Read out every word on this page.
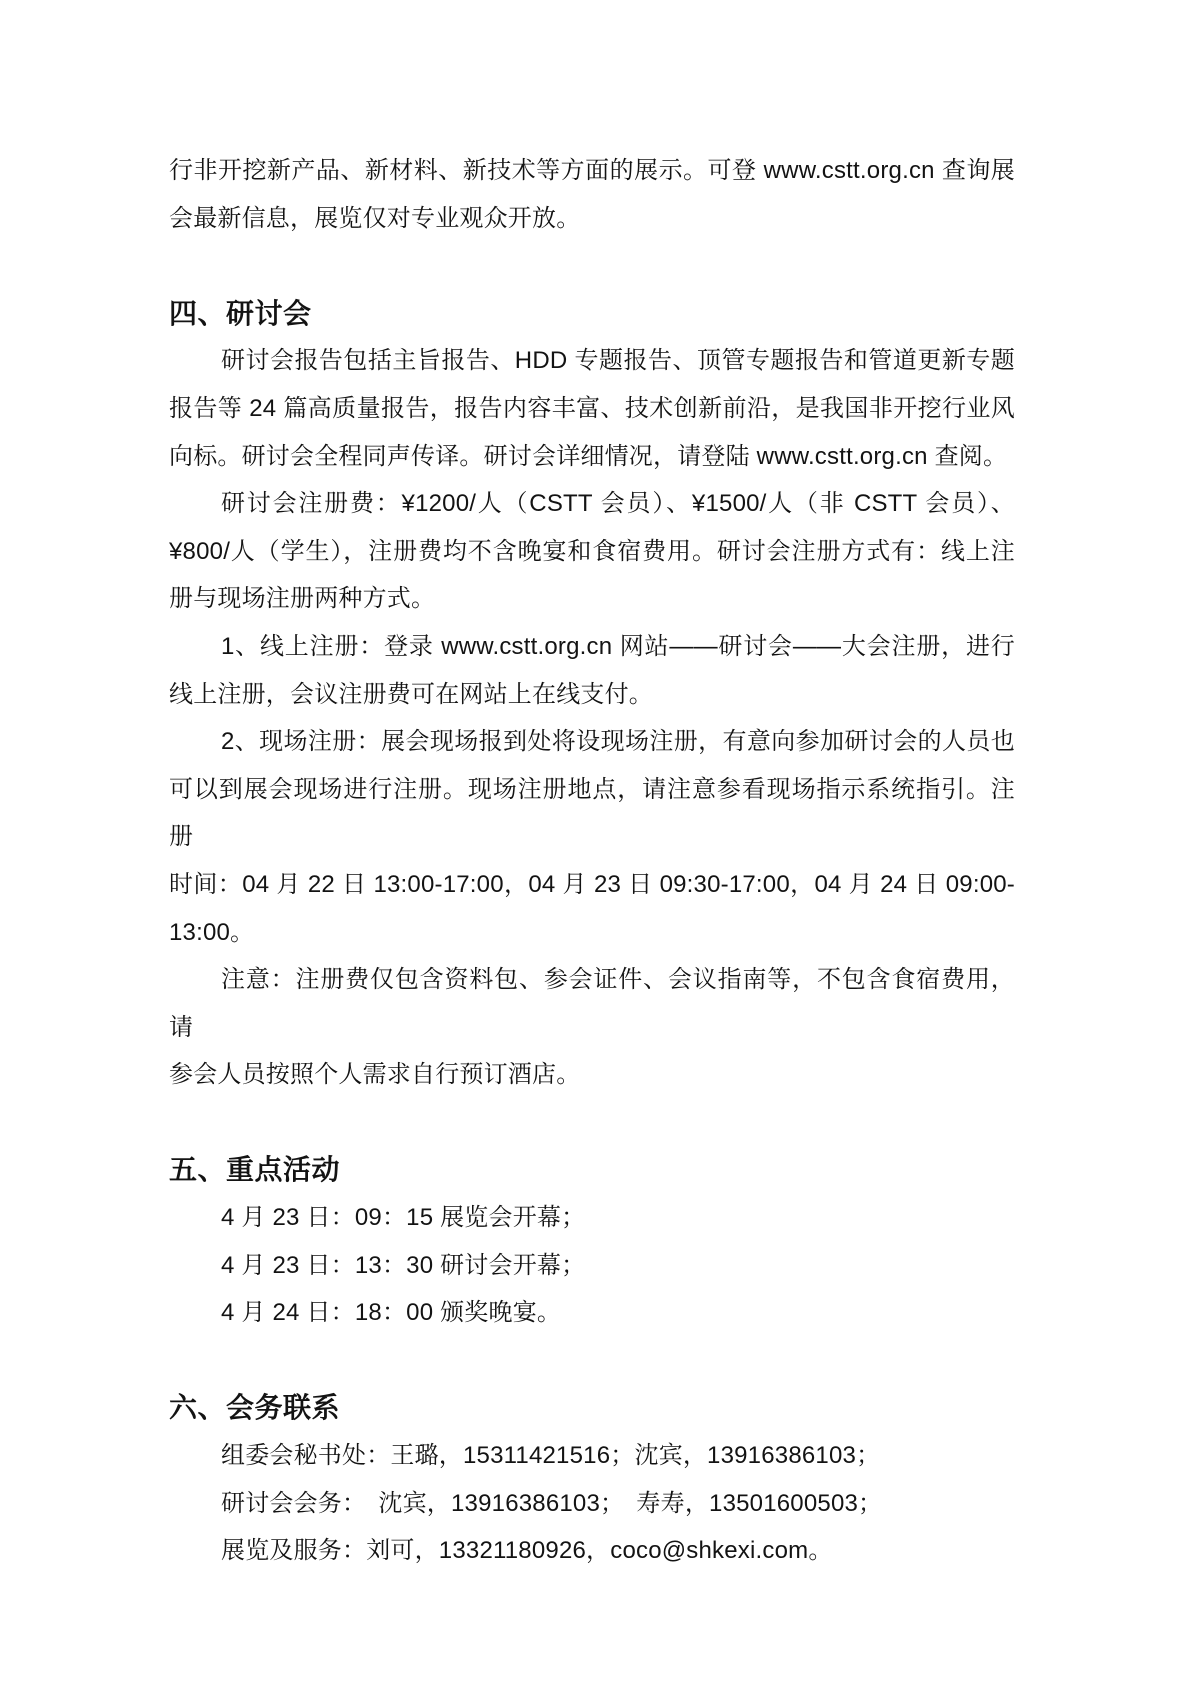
行非开挖新产品、新材料、新技术等方面的展示。可登 www.cstt.org.cn 查询展
会最新信息，展览仅对专业观众开放。
四、研讨会
研讨会报告包括主旨报告、HDD 专题报告、顶管专题报告和管道更新专题
报告等 24 篇高质量报告，报告内容丰富、技术创新前沿，是我国非开挖行业风
向标。研讨会全程同声传译。研讨会详细情况，请登陆 www.cstt.org.cn 查阅。
研讨会注册费：¥1200/人（CSTT 会员）、¥1500/人（非 CSTT 会员）、
¥800/人（学生），注册费均不含晚宴和食宿费用。研讨会注册方式有：线上注
册与现场注册两种方式。
1、线上注册：登录 www.cstt.org.cn 网站——研讨会——大会注册，进行
线上注册，会议注册费可在网站上在线支付。
2、现场注册：展会现场报到处将设现场注册，有意向参加研讨会的人员也
可以到展会现场进行注册。现场注册地点，请注意参看现场指示系统指引。注册
时间：04 月 22 日 13:00-17:00，04 月 23 日 09:30-17:00，04 月 24 日 09:00-
13:00。
注意：注册费仅包含资料包、参会证件、会议指南等，不包含食宿费用，请
参会人员按照个人需求自行预订酒店。
五、重点活动
4 月 23 日：09：15 展览会开幕；
4 月 23 日：13：30 研讨会开幕；
4 月 24 日：18：00 颁奖晚宴。
六、会务联系
组委会秘书处：王璐，15311421516；沈宾，13916386103；
研讨会会务：　沈宾，13916386103；　寿寿，13501600503；
展览及服务：刘可，13321180926，coco@shkexi.com。
